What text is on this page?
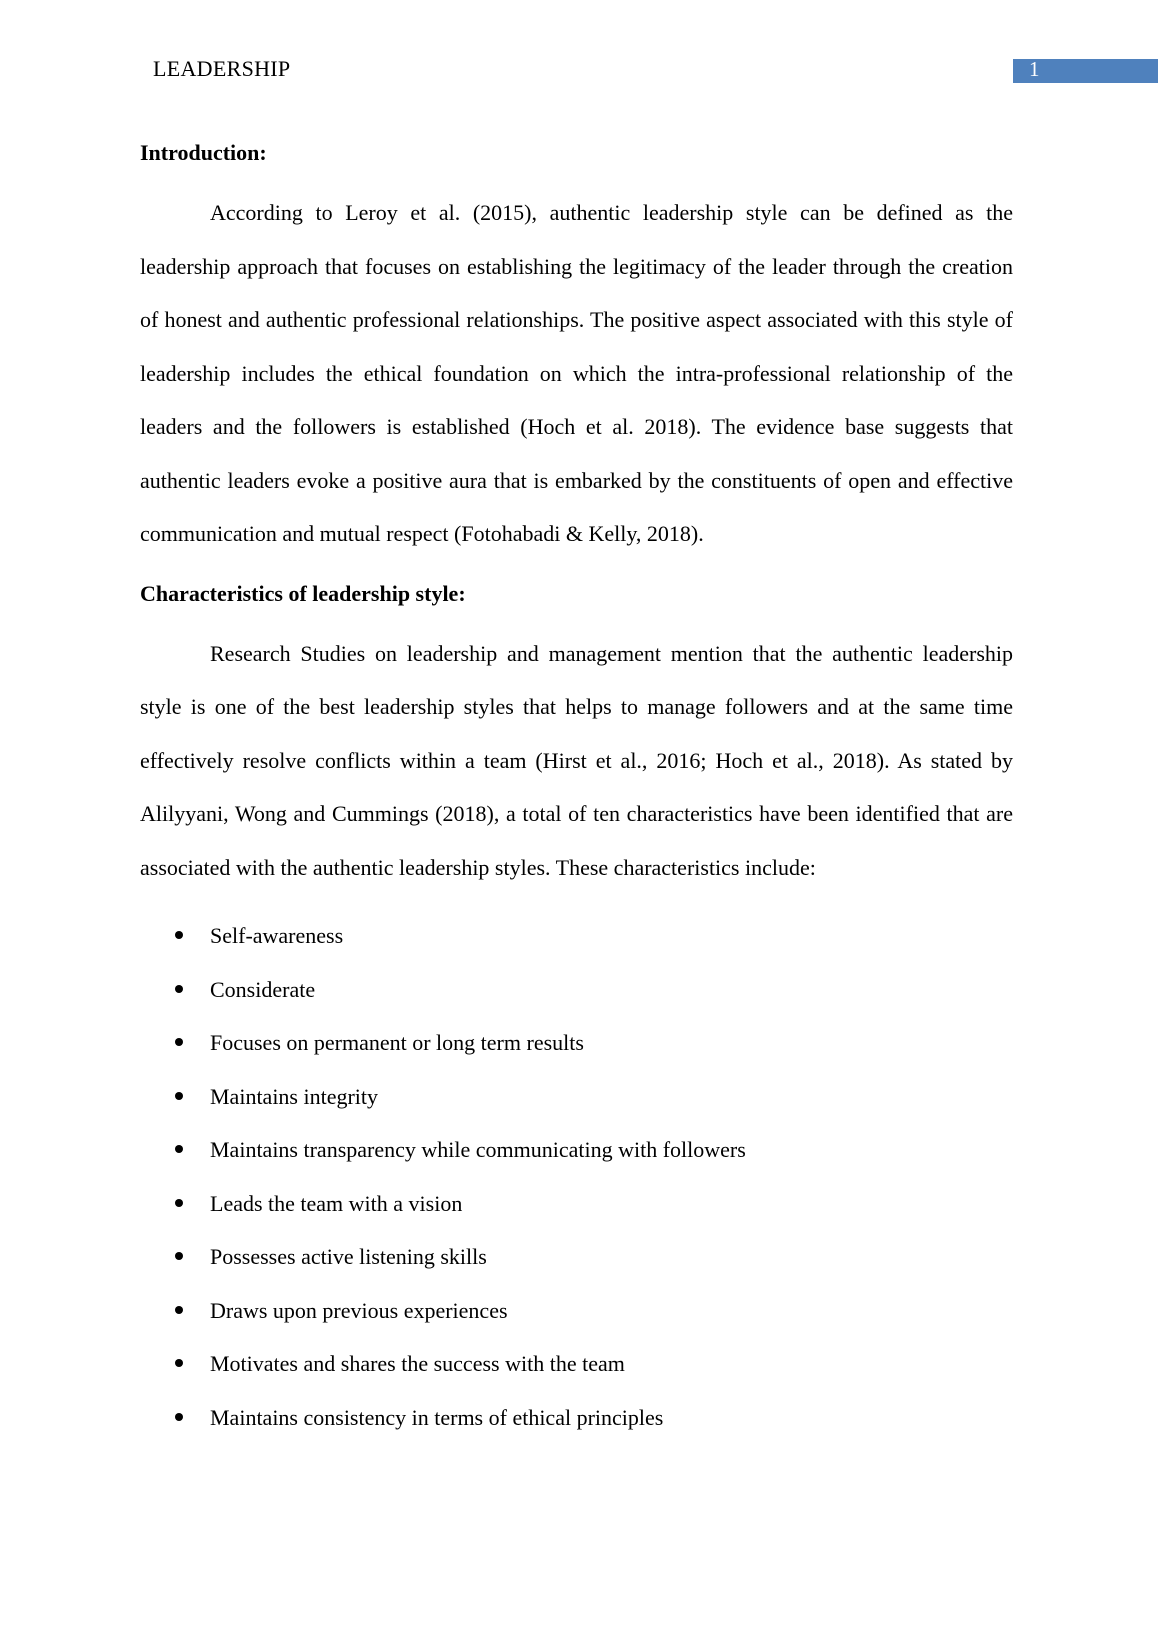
LEADERSHIP	1
Introduction:

According to Leroy et al. (2015), authentic leadership style can be defined as the leadership approach that focuses on establishing the legitimacy of the leader through the creation of honest and authentic professional relationships. The positive aspect associated with this style of leadership includes the ethical foundation on which the intra-professional relationship of the leaders and the followers is established (Hoch et al. 2018). The evidence base suggests that authentic leaders evoke a positive aura that is embarked by the constituents of open and effective communication and mutual respect (Fotohabadi & Kelly, 2018).

Characteristics of leadership style:

Research Studies on leadership and management mention that the authentic leadership style is one of the best leadership styles that helps to manage followers and at the same time effectively resolve conflicts within a team (Hirst et al., 2016; Hoch et al., 2018). As stated by Alilyyani, Wong and Cummings (2018), a total of ten characteristics have been identified that are associated with the authentic leadership styles. These characteristics include:

Self-awareness
Considerate
Focuses on permanent or long term results
Maintains integrity
Maintains transparency while communicating with followers
Leads the team with a vision
Possesses active listening skills
Draws upon previous experiences
Motivates and shares the success with the team
Maintains consistency in terms of ethical principles
